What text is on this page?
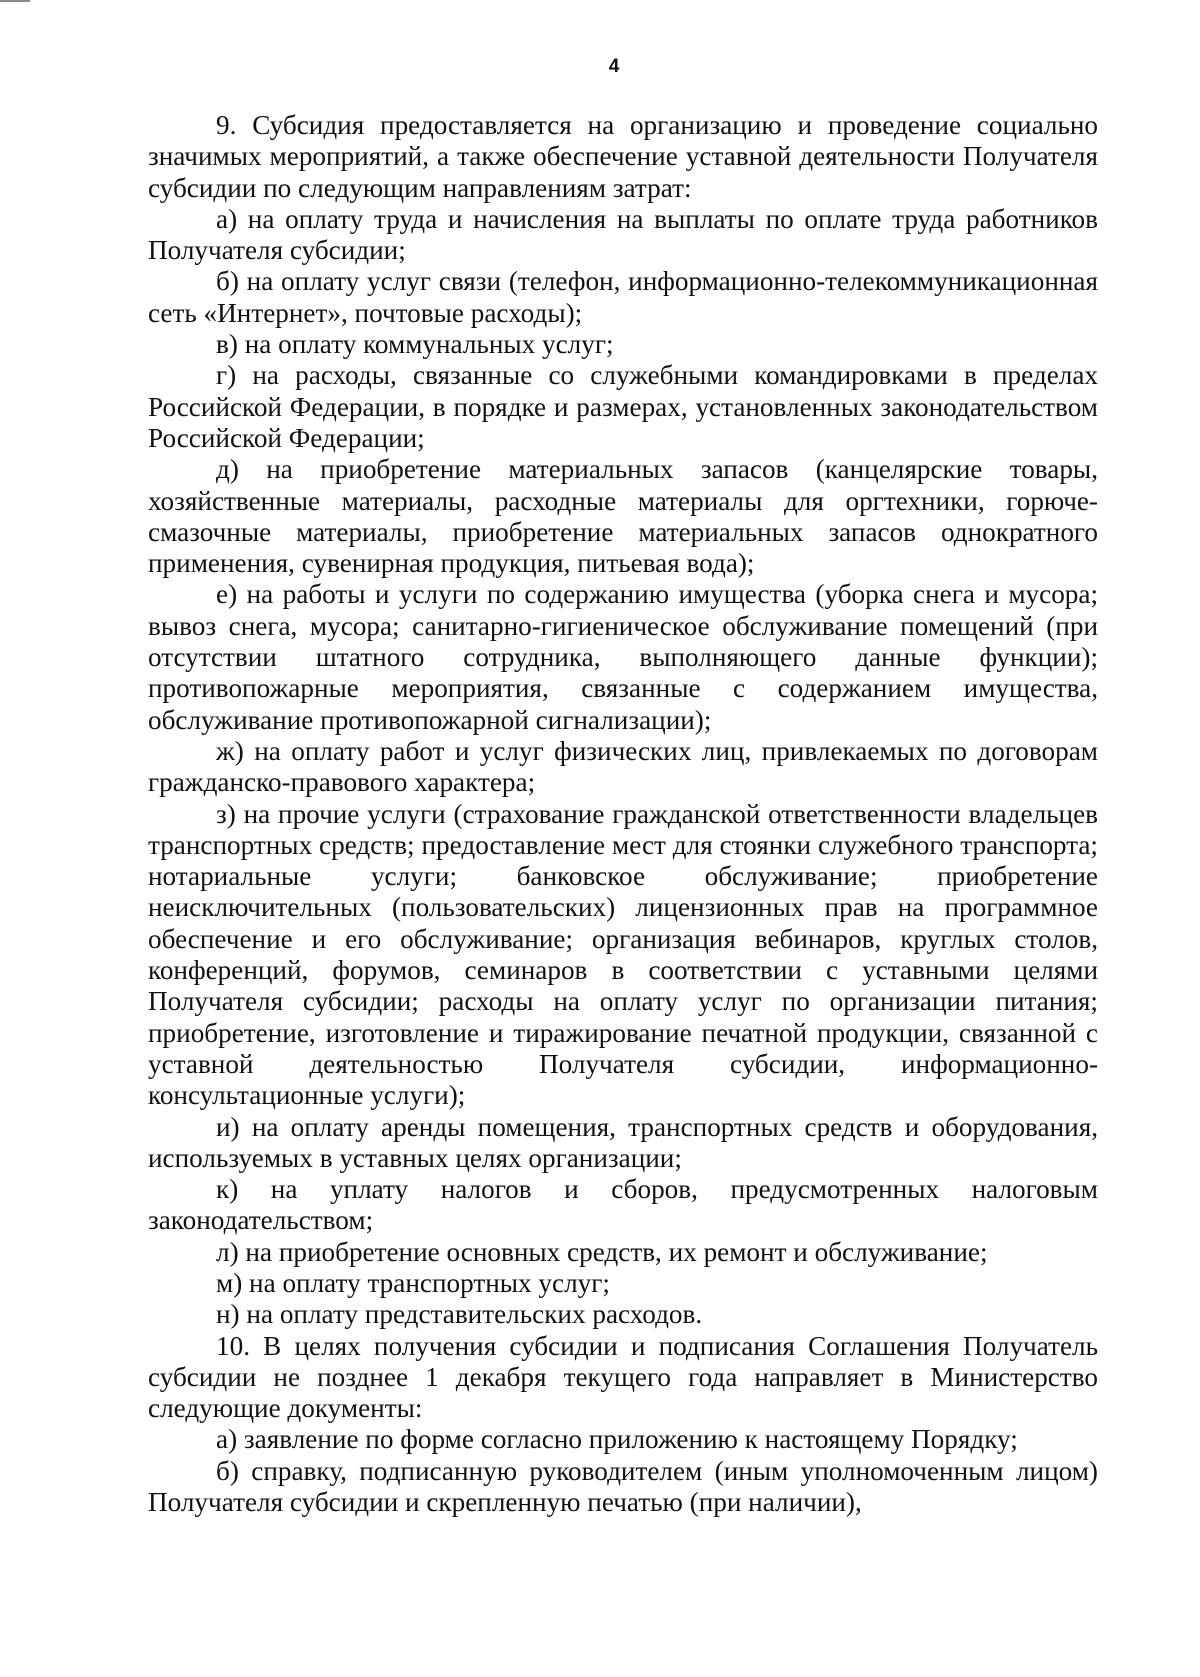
4

9. Субсидия предоставляется на организацию и проведение социально значимых мероприятий, а также обеспечение уставной деятельности Получателя субсидии по следующим направлениям затрат:

а) на оплату труда и начисления на выплаты по оплате труда работников Получателя субсидии;

б) на оплату услуг связи (телефон, информационно-телекоммуникационная сеть «Интернет», почтовые расходы);

в) на оплату коммунальных услуг;

г) на расходы, связанные со служебными командировками в пределах Российской Федерации, в порядке и размерах, установленных законодательством Российской Федерации;

д) на приобретение материальных запасов (канцелярские товары, хозяйственные материалы, расходные материалы для оргтехники, горюче-смазочные материалы, приобретение материальных запасов однократного применения, сувенирная продукция, питьевая вода);

е) на работы и услуги по содержанию имущества (уборка снега и мусора; вывоз снега, мусора; санитарно-гигиеническое обслуживание помещений (при отсутствии штатного сотрудника, выполняющего данные функции); противопожарные мероприятия, связанные с содержанием имущества, обслуживание противопожарной сигнализации);

ж) на оплату работ и услуг физических лиц, привлекаемых по договорам гражданско-правового характера;

з) на прочие услуги (страхование гражданской ответственности владельцев транспортных средств; предоставление мест для стоянки служебного транспорта; нотариальные услуги; банковское обслуживание; приобретение неисключительных (пользовательских) лицензионных прав на программное обеспечение и его обслуживание; организация вебинаров, круглых столов, конференций, форумов, семинаров в соответствии с уставными целями Получателя субсидии; расходы на оплату услуг по организации питания; приобретение, изготовление и тиражирование печатной продукции, связанной с уставной деятельностью Получателя субсидии, информационно-консультационные услуги);

и) на оплату аренды помещения, транспортных средств и оборудования, используемых в уставных целях организации;

к) на уплату налогов и сборов, предусмотренных налоговым законодательством;

л) на приобретение основных средств, их ремонт и обслуживание;

м) на оплату транспортных услуг;

н) на оплату представительских расходов.

10. В целях получения субсидии и подписания Соглашения Получатель субсидии не позднее 1 декабря текущего года направляет в Министерство следующие документы:

а) заявление по форме согласно приложению к настоящему Порядку;

б) справку, подписанную руководителем (иным уполномоченным лицом) Получателя субсидии и скрепленную печатью (при наличии),
